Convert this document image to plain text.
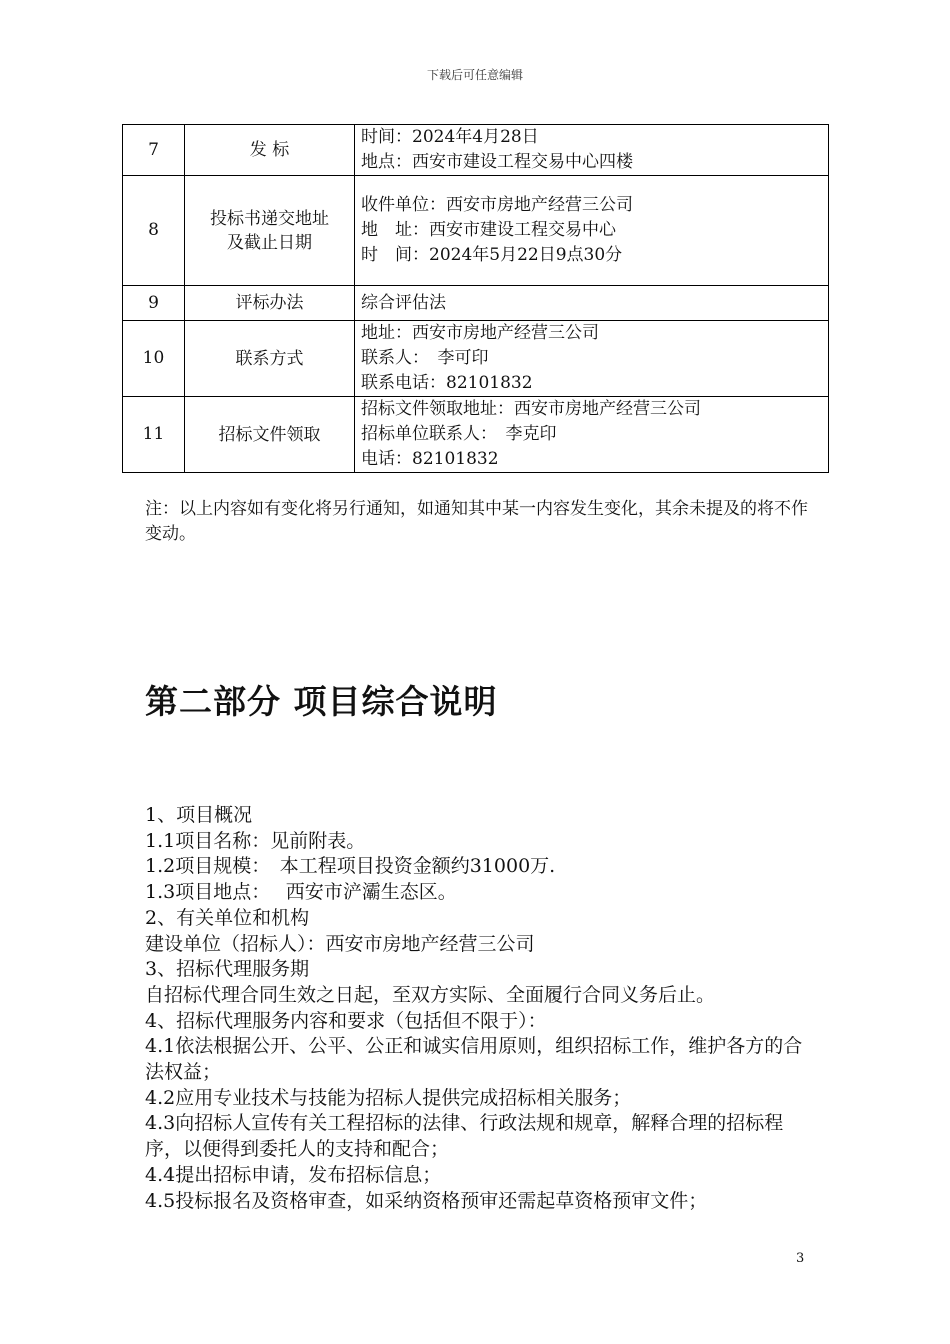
下载后可任意编辑
7	发 标	时间：2024年4月28日
地点：西安市建设工程交易中心四楼

8	投标书递交地址
及截止日期	收件单位：西安市房地产经营三公司
地　址：西安市建设工程交易中心
时　间：2024年5月22日9点30分

9	评标办法	综合评估法

10	联系方式	地址：西安市房地产经营三公司
联系人：　李可印
联系电话：82101832

11	招标文件领取	招标文件领取地址：西安市房地产经营三公司
招标单位联系人：　李克印
电话：82101832
注：以上内容如有变化将另行通知，如通知其中某一内容发生变化，其余未提及的将不作变动。
第二部分 项目综合说明

1、项目概况

1.1项目名称：见前附表。

1.2项目规模：　本工程项目投资金额约31000万.

1.3项目地点：　 西安市浐灞生态区。

2、有关单位和机构

建设单位（招标人）：西安市房地产经营三公司

3、招标代理服务期

自招标代理合同生效之日起，至双方实际、全面履行合同义务后止。

4、招标代理服务内容和要求（包括但不限于）：

4.1依法根据公开、公平、公正和诚实信用原则，组织招标工作，维护各方的合法权益；

4.2应用专业技术与技能为招标人提供完成招标相关服务；

4.3向招标人宣传有关工程招标的法律、行政法规和规章，解释合理的招标程序，以便得到委托人的支持和配合；

4.4提出招标申请，发布招标信息；

4.5投标报名及资格审查，如采纳资格预审还需起草资格预审文件；

3
